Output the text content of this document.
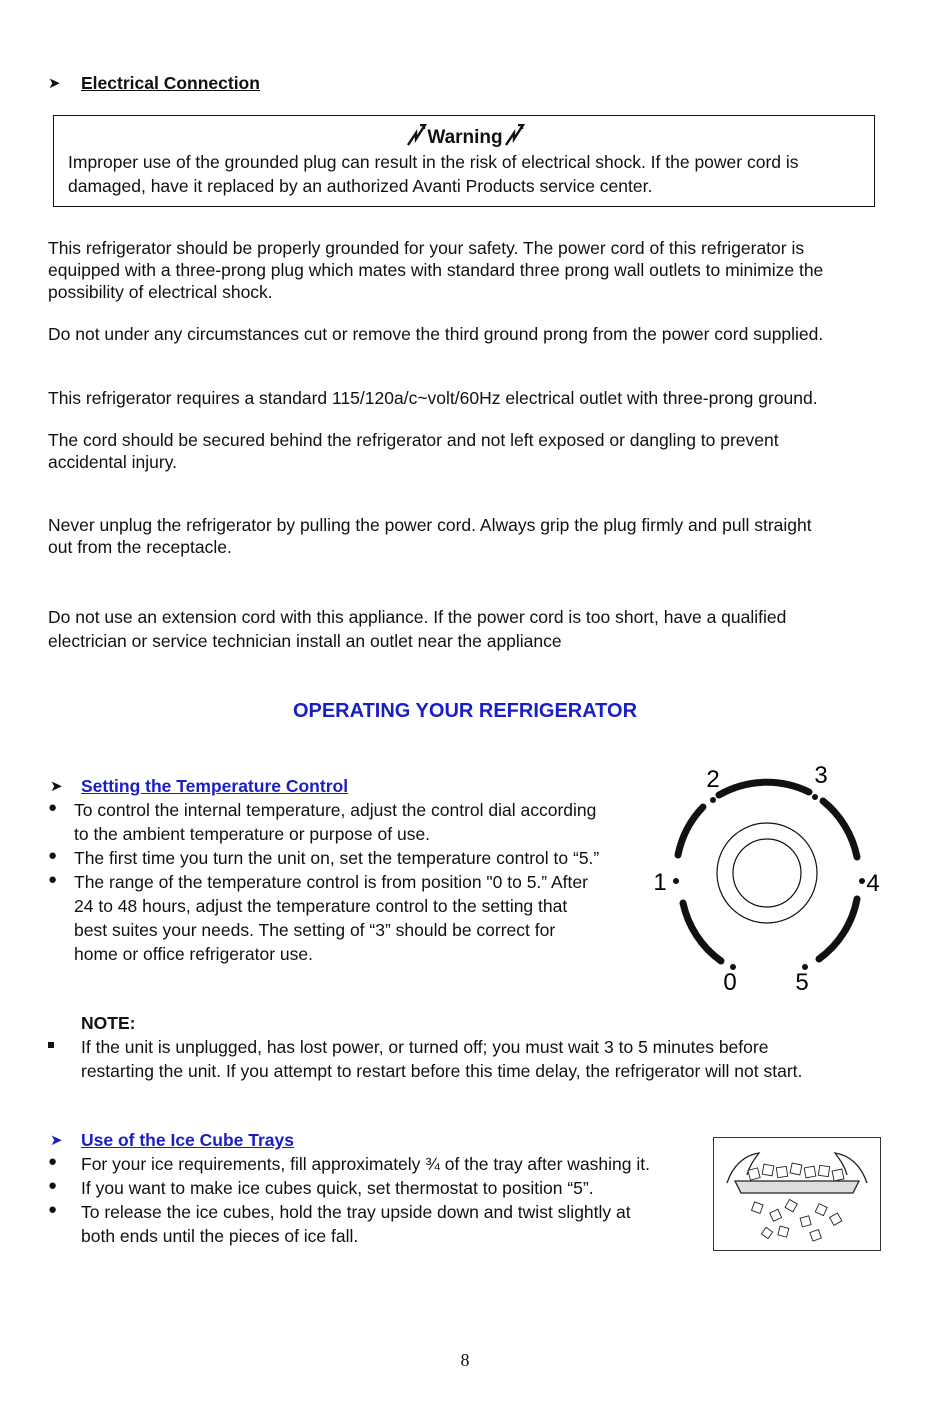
➤ Electrical Connection
Warning
Improper use of the grounded plug can result in the risk of electrical shock. If the power cord is
damaged, have it replaced by an authorized Avanti Products service center.
This refrigerator should be properly grounded for your safety. The power cord of this refrigerator is
equipped with a three-prong plug which mates with standard three prong wall outlets to minimize the
possibility of electrical shock.
Do not under any circumstances cut or remove the third ground prong from the power cord supplied.
This refrigerator requires a standard 115/120a/c~volt/60Hz electrical outlet with three-prong ground.
The cord should be secured behind the refrigerator and not left exposed or dangling to prevent
accidental injury.
Never unplug the refrigerator by pulling the power cord. Always grip the plug firmly and pull straight
out from the receptacle.
Do not use an extension cord with this appliance. If the power cord is too short, have a qualified
electrician or service technician install an outlet near the appliance
OPERATING YOUR REFRIGERATOR
➤ Setting the Temperature Control
● To control the internal temperature, adjust the control dial according
to the ambient temperature or purpose of use.
● The first time you turn the unit on, set the temperature control to “5.”
● The range of the temperature control is from position "0 to 5.” After
24 to 48 hours, adjust the temperature control to the setting that
best suites your needs. The setting of “3” should be correct for
home or office refrigerator use.
0
1
2	3
4
5
NOTE:
If the unit is unplugged, has lost power, or turned off; you must wait 3 to 5 minutes before
restarting the unit. If you attempt to restart before this time delay, the refrigerator will not start.
➤ Use of the Ice Cube Trays
● For your ice requirements, fill approximately ¾ of the tray after washing it.
● If you want to make ice cubes quick, set thermostat to position “5”.
● To release the ice cubes, hold the tray upside down and twist slightly at
both ends until the pieces of ice fall.
8
